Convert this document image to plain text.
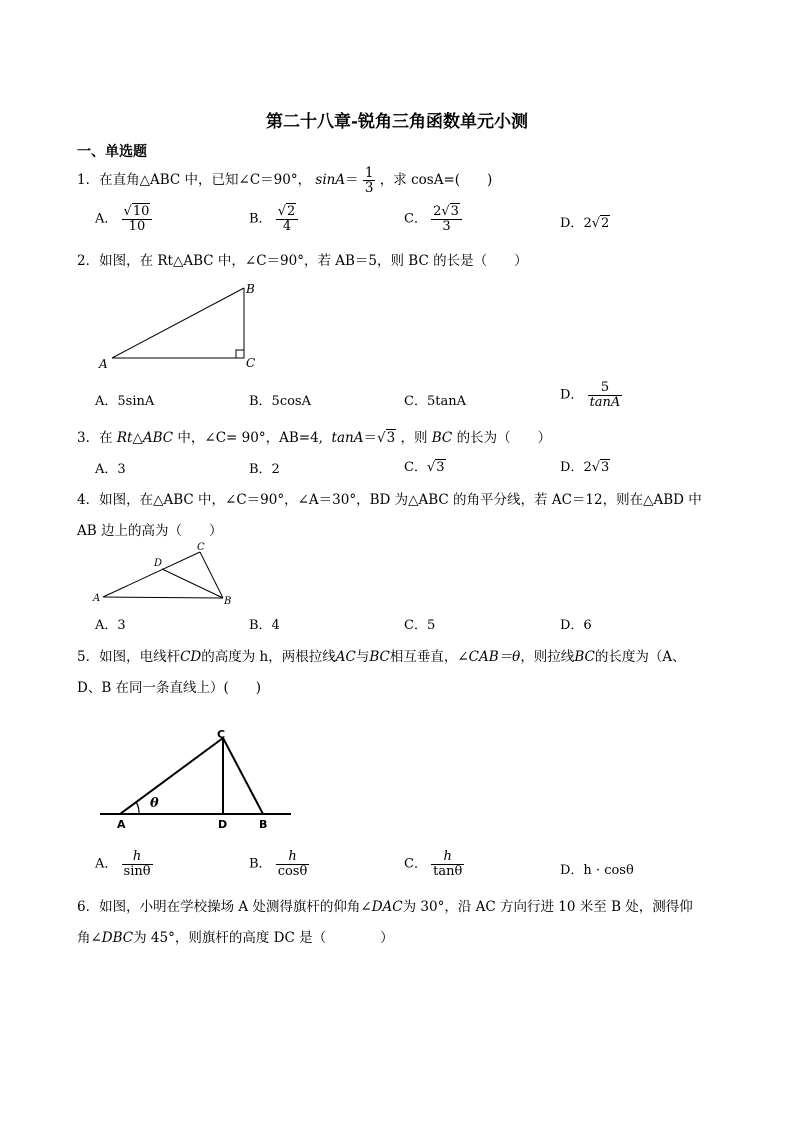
第二十八章-锐角三角函数单元小测
一、单选题
1．在直角△ABC 中，已知∠C＝90°， $\sin A= \frac{1}{3}$ ，求 cosA=(　　)
A． $\frac{√10}{10}$	B． $\frac{√2}{4}$	C． $\frac{2√3}{3}$	D．2√2
2．如图，在 Rt△ABC 中，∠C＝90°，若 AB＝5，则 BC 的长是（　　）
A
B
C
A．5sinA	B．5cosA	C．5tanA	D． $\frac{5}{\tan A}$
3．在 Rt△ABC 中，∠C= 90°，AB=4, tanA＝√3 ，则 BC 的长为（　　）
A．3	B．2	C．√3	D．2√3
4．如图，在△ABC 中，∠C＝90°，∠A＝30°，BD 为△ABC 的角平分线，若 AC＝12，则在△ABD 中
AB 边上的高为（　　）
A	B
C
D
A．3	B．4	C．5	D．6
5．如图，电线杆CD的高度为 h，两根拉线AC与BC相互垂直，∠CAB＝θ，则拉线BC的长度为（A、
D、B 在同一条直线上）(　　)
C
A	D	B
θ
A． $\frac{h}{\sin\theta}$	B． $\frac{h}{\cos\theta}$	C． $\frac{h}{\tan\theta}$	D．h · cosθ
6．如图，小明在学校操场 A 处测得旗杆的仰角∠DAC为 30°，沿 AC 方向行进 10 米至 B 处，测得仰
角∠DBC为 45°，则旗杆的高度 DC 是（　　　　）
